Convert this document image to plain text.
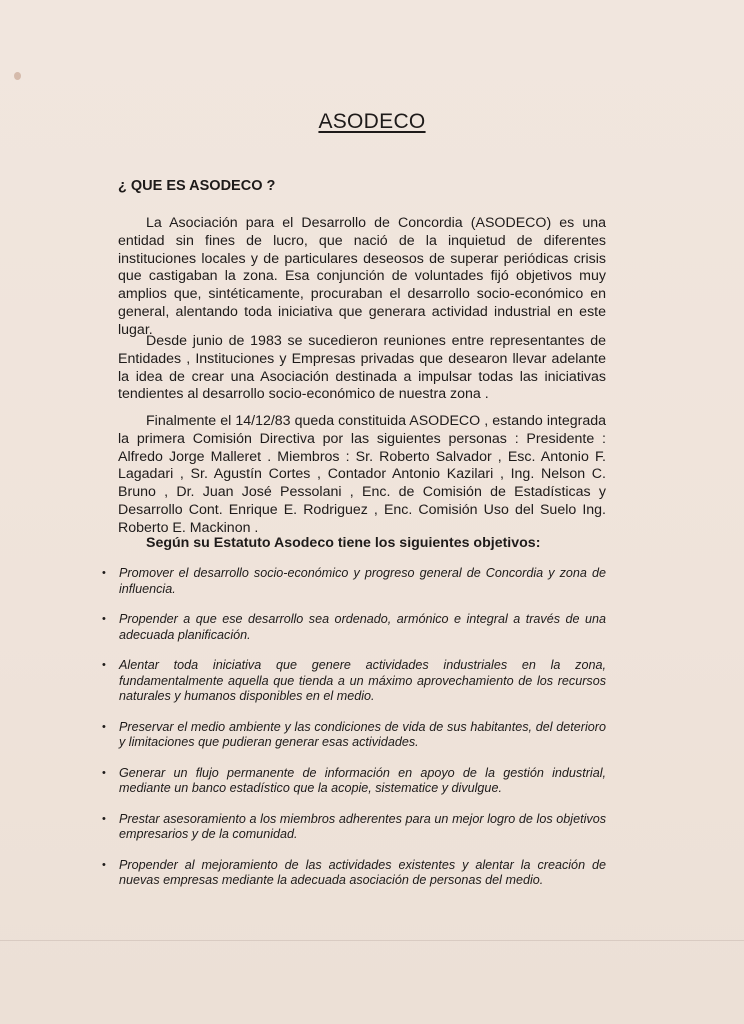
ASODECO
¿ QUE ES ASODECO ?

La Asociación para el Desarrollo de Concordia (ASODECO) es una entidad sin fines de lucro, que nació de la inquietud de diferentes instituciones locales y de particulares deseosos de superar periódicas crisis que castigaban la zona. Esa conjunción de voluntades fijó objetivos muy amplios que, sintéticamente, procuraban el desarrollo socio-económico en general, alentando toda iniciativa que generara actividad industrial en este lugar.

Desde junio de 1983 se sucedieron reuniones entre representantes de Entidades , Instituciones y Empresas privadas que desearon llevar adelante la idea de crear una Asociación destinada a impulsar todas las iniciativas tendientes al desarrollo socio-económico de nuestra zona .

Finalmente el 14/12/83 queda constituida ASODECO , estando integrada la primera Comisión Directiva por las siguientes personas : Presidente : Alfredo Jorge Malleret . Miembros : Sr. Roberto Salvador , Esc. Antonio F. Lagadari , Sr. Agustín Cortes , Contador Antonio Kazilari , Ing. Nelson C. Bruno , Dr. Juan José Pessolani , Enc. de Comisión de Estadísticas y Desarrollo Cont. Enrique E. Rodriguez , Enc. Comisión Uso del Suelo Ing. Roberto E. Mackinon .

Según su Estatuto Asodeco tiene los siguientes objetivos:
• Promover el desarrollo socio-económico y progreso general de Concordia y zona de influencia.
• Propender a que ese desarrollo sea ordenado, armónico e integral a través de una adecuada planificación.
• Alentar toda iniciativa que genere actividades industriales en la zona, fundamentalmente aquella que tienda a un máximo aprovechamiento de los recursos naturales y humanos disponibles en el medio.
• Preservar el medio ambiente y las condiciones de vida de sus habitantes, del deterioro y limitaciones que pudieran generar esas actividades.
• Generar un flujo permanente de información en apoyo de la gestión industrial, mediante un banco estadístico que la acopie, sistematice y divulgue.
• Prestar asesoramiento a los miembros adherentes para un mejor logro de los objetivos empresarios y de la comunidad.
• Propender al mejoramiento de las actividades existentes y alentar la creación de nuevas empresas mediante la adecuada asociación de personas del medio.
